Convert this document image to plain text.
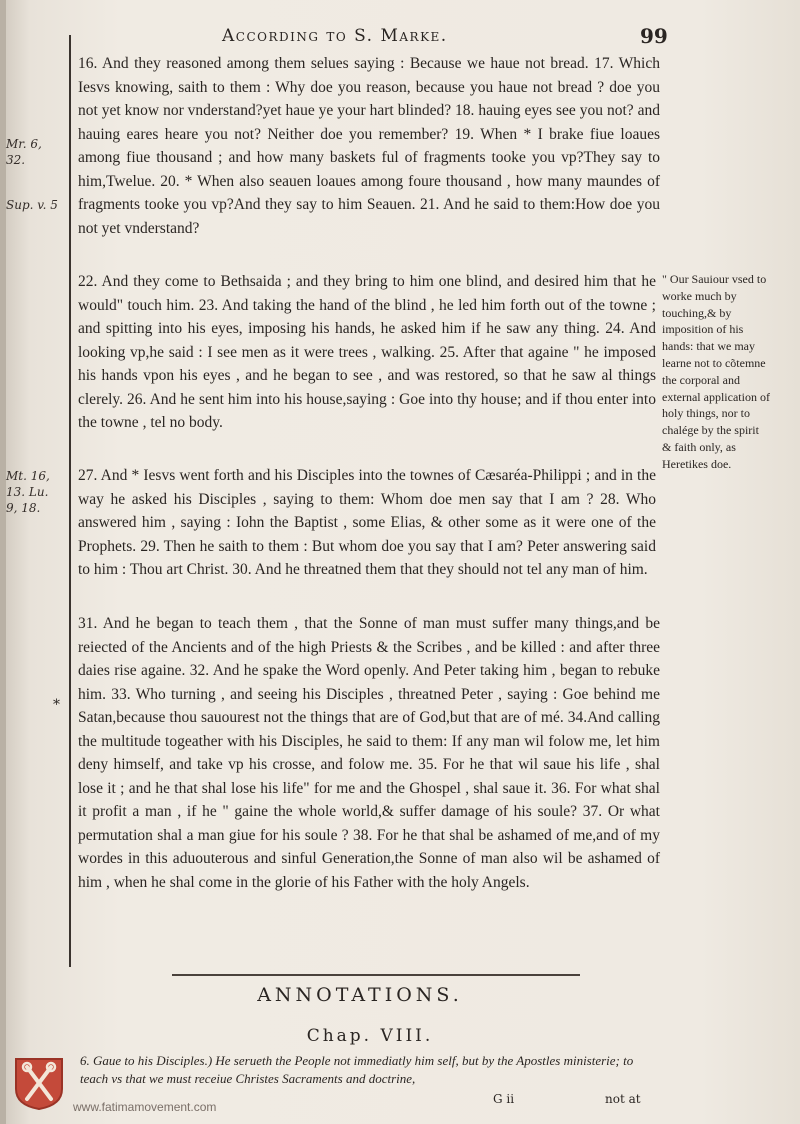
According to S. Marke.	99
Mr. 6, 32.
Sup. v. 5
Mt. 16, 13. Lu. 9, 18.
*
16. And they reasoned among them selues saying : Because we haue not bread. 17. Which Iesvs knowing, saith to them : Why doe you reason, because you haue not bread ? doe you not yet know nor vnderstand?yet haue ye your hart blinded? 18. hauing eyes see you not? and hauing eares heare you not? Neither doe you remember? 19. When * I brake fiue loaues among fiue thousand ; and how many baskets ful of fragments tooke you vp?They say to him,Twelue. 20. * When also seauen loaues among foure thousand , how many maundes of fragments tooke you vp?And they say to him Seauen. 21. And he said to them:How doe you not yet vnderstand?
22. And they come to Bethsaida ; and they bring to him one blind, and desired him that he would" touch him. 23. And taking the hand of the blind , he led him forth out of the towne ; and spitting into his eyes, imposing his hands, he asked him if he saw any thing. 24. And looking vp,he said : I see men as it were trees , walking. 25. After that againe " he imposed his hands vpon his eyes , and he began to see , and was restored, so that he saw al things clerely. 26. And he sent him into his house,saying : Goe into thy house; and if thou enter into the towne , tel no body.
27. And * Iesvs went forth and his Disciples into the townes of Cæsaréa-Philippi ; and in the way he asked his Disciples , saying to them: Whom doe men say that I am ? 28. Who answered him , saying : Iohn the Baptist , some Elias, & other some as it were one of the Prophets. 29. Then he saith to them : But whom doe you say that I am? Peter answering said to him : Thou art Christ. 30. And he threatned them that they should not tel any man of him.
31. And he began to teach them , that the Sonne of man must suffer many things,and be reiected of the Ancients and of the high Priests & the Scribes , and be killed : and after three daies rise againe. 32. And he spake the Word openly. And Peter taking him , began to rebuke him. 33. Who turning , and seeing his Disciples , threatned Peter , saying : Goe behind me Satan,because thou sauourest not the things that are of God,but that are of mé. 34.And calling the multitude togeather with his Disciples, he said to them: If any man wil folow me, let him deny himself, and take vp his crosse, and folow me. 35. For he that wil saue his life , shal lose it ; and he that shal lose his life" for me and the Ghospel , shal saue it. 36. For what shal it profit a man , if he " gaine the whole world,& suffer damage of his soule? 37. Or what permutation shal a man giue for his soule ? 38. For he that shal be ashamed of me,and of my wordes in this aduouterous and sinful Generation,the Sonne of man also wil be ashamed of him , when he shal come in the glorie of his Father with the holy Angels.
" Our Sauiour vsed to worke much by touching,& by imposition of his hands: that we may learne not to cõtemne the corporal and external application of holy things, nor to chalége by the spirit & faith only, as Heretikes doe.
ANNOTATIONS.
Chap. VIII.
6. Gaue to his Disciples.) He serueth the People not immediatly him self, but by the Apostles ministerie; to teach vs that we must receiue Christes Sacraments and doctrine,
G ii	not at
www.fatimamovement.com
